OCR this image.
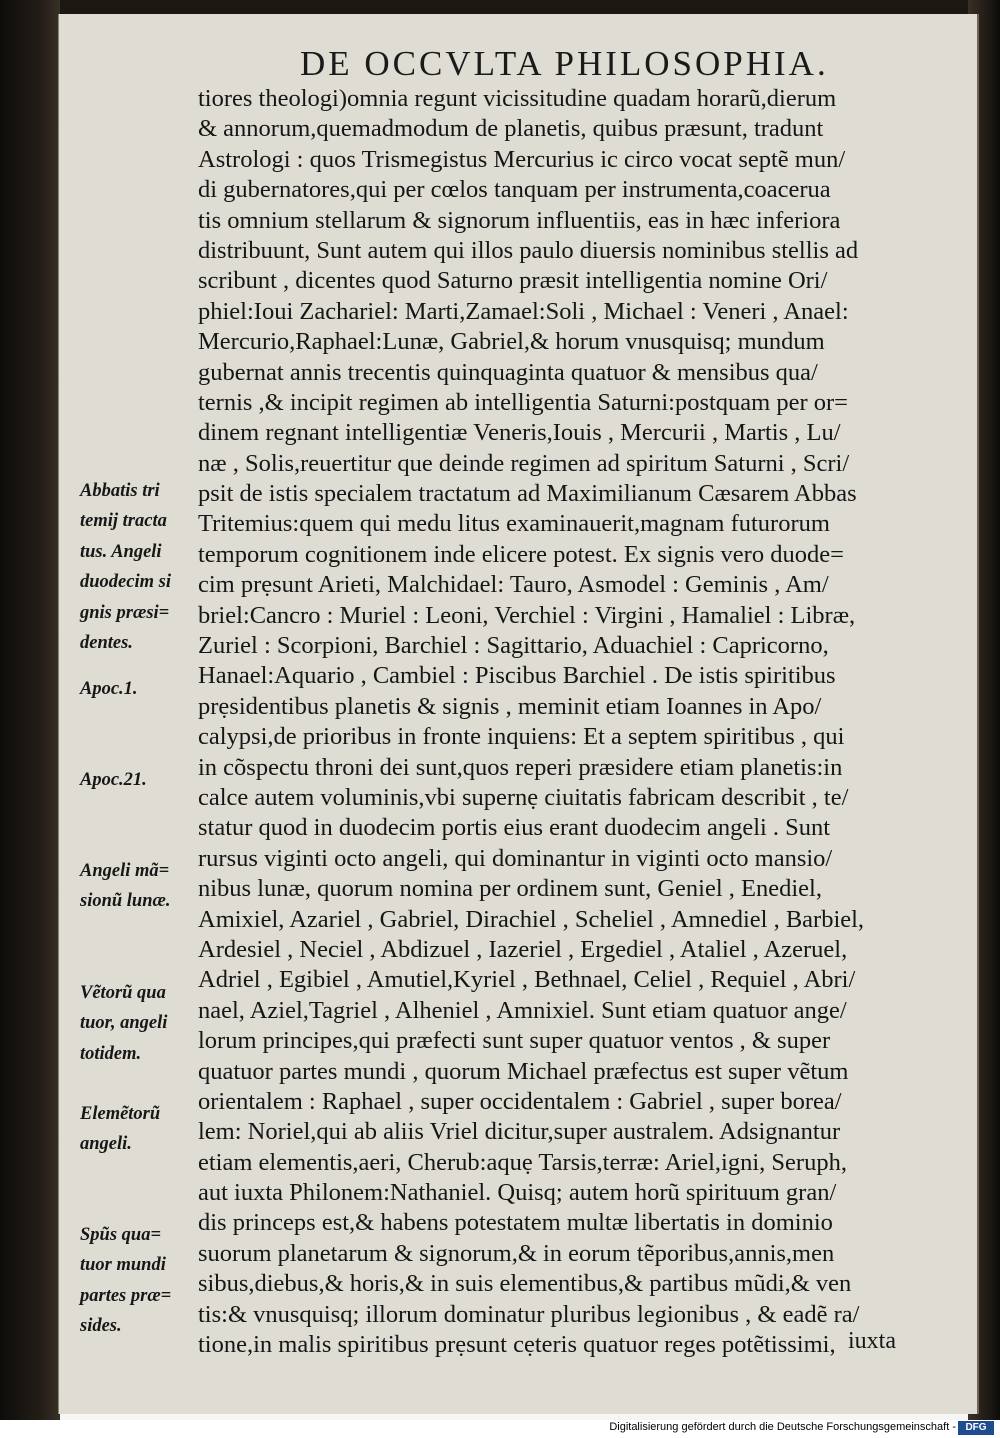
DE OCCVLTA PHILOSOPHIA.
tiores theologi)omnia regunt vicissitudine quadam horarũ,dierum
& annorum,quemadmodum de planetis, quibus præsunt, tradunt
Astrologi : quos Trismegistus Mercurius ic circo vocat septẽ mun/
di gubernatores,qui per cœlos tanquam per instrumenta,coacerua
tis omnium stellarum & signorum influentiis, eas in hæc inferiora
distribuunt, Sunt autem qui illos paulo diuersis nominibus stellis ad
scribunt , dicentes quod Saturno præsit intelligentia nomine Ori/
phiel:Ioui Zachariel: Marti,Zamael:Soli , Michael : Veneri , Anael:
Mercurio,Raphael:Lunæ, Gabriel,& horum vnusquisq; mundum
gubernat annis trecentis quinquaginta quatuor & mensibus qua/
ternis ,& incipit regimen ab intelligentia Saturni:postquam per or=
dinem regnant intelligentiæ Veneris,Iouis , Mercurii , Martis , Lu/
næ , Solis,reuertitur que deinde regimen ad spiritum Saturni , Scri/
psit de istis specialem tractatum ad Maximilianum Cæsarem Abbas
Tritemius:quem qui medu litus examinauerit,magnam futurorum
temporum cognitionem inde elicere potest. Ex signis vero duode=
cim prẹsunt Arieti, Malchidael: Tauro, Asmodel : Geminis , Am/
briel:Cancro : Muriel : Leoni, Verchiel : Virgini , Hamaliel : Libræ,
Zuriel : Scorpioni, Barchiel : Sagittario, Aduachiel : Capricorno,
Hanael:Aquario , Cambiel : Piscibus Barchiel . De istis spiritibus
prẹsidentibus planetis & signis , meminit etiam Ioannes in Apo/
calypsi,de prioribus in fronte inquiens: Et a septem spiritibus , qui
in cõspectu throni dei sunt,quos reperi præsidere etiam planetis:in
calce autem voluminis,vbi supernẹ ciuitatis fabricam describit , te/
statur quod in duodecim portis eius erant duodecim angeli . Sunt
rursus viginti octo angeli, qui dominantur in viginti octo mansio/
nibus lunæ, quorum nomina per ordinem sunt, Geniel , Enediel,
Amixiel, Azariel , Gabriel, Dirachiel , Scheliel , Amnediel , Barbiel,
Ardesiel , Neciel , Abdizuel , Iazeriel , Ergediel , Ataliel , Azeruel,
Adriel , Egibiel , Amutiel,Kyriel , Bethnael, Celiel , Requiel , Abri/
nael, Aziel,Tagriel , Alheniel , Amnixiel. Sunt etiam quatuor ange/
lorum principes,qui præfecti sunt super quatuor ventos , & super
quatuor partes mundi , quorum Michael præfectus est super vẽtum
orientalem : Raphael , super occidentalem : Gabriel , super borea/
lem: Noriel,qui ab aliis Vriel dicitur,super australem. Adsignantur
etiam elementis,aeri, Cherub:aquẹ Tarsis,terræ: Ariel,igni, Seruph,
aut iuxta Philonem:Nathaniel. Quisq; autem horũ spirituum gran/
dis princeps est,& habens potestatem multæ libertatis in dominio
suorum planetarum & signorum,& in eorum tẽporibus,annis,men
sibus,diebus,& horis,& in suis elementibus,& partibus mũdi,& ven
tis:& vnusquisq; illorum dominatur pluribus legionibus , & eadẽ ra/
tione,in malis spiritibus prẹsunt cẹteris quatuor reges potẽtissimi, iuxta
Abbatis tri
temij tracta
tus. Angeli
duodecim si
gnis præsi=
dentes.
Apoc.1.
Apoc.21.
Angeli mã=
sionũ lunæ.
Vẽtorũ qua
tuor, angeli
totidem.
Elemẽtorũ
angeli.
Spũs qua=
tuor mundi
partes præ=
sides.
Digitalisierung gefördert durch die Deutsche Forschungsgemeinschaft - DFG
